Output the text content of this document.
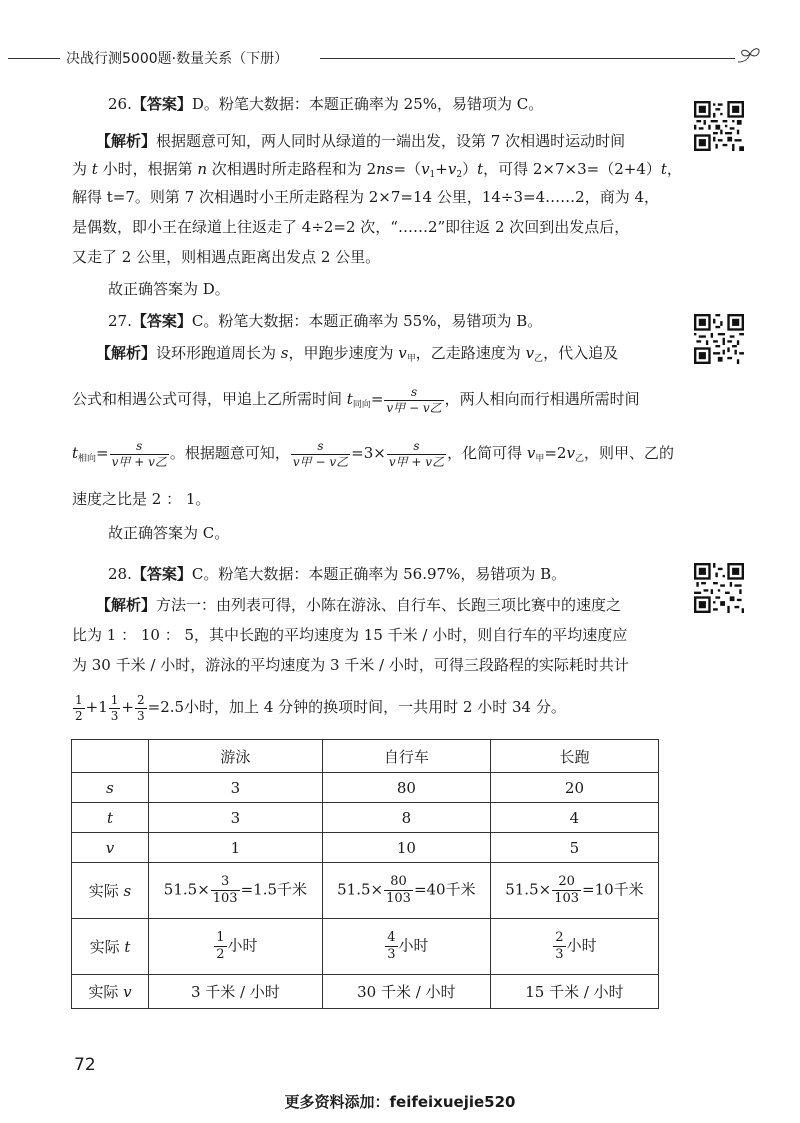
决战行测5000题·数量关系（下册）
26.【答案】D。粉笔大数据：本题正确率为 25%，易错项为 C。
【解析】根据题意可知，两人同时从绿道的一端出发，设第 7 次相遇时运动时间
为 t 小时，根据第 n 次相遇时所走路程和为 $2ns=(v_1+v_2)t$，可得 2×7×3=（2+4）t，
解得 t=7。则第 7 次相遇时小王所走路程为 2×7=14 公里，14÷3=4……2，商为 4，
是偶数，即小王在绿道上往返走了 4÷2=2 次，“……2”即往返 2 次回到出发点后，
又走了 2 公里，则相遇点距离出发点 2 公里。
故正确答案为 D。
27.【答案】C。粉笔大数据：本题正确率为 55%，易错项为 B。
【解析】设环形跑道周长为 s，甲跑步速度为 $v_甲$，乙走路速度为 $v_乙$，代入追及
公式和相遇公式可得，甲追上乙所需时间 $t_{同向}= \frac{s}{\text{v甲 − v乙}}$ ，两人相向而行相遇所需时间
$t_{相向}= \frac{s}{\text{v甲 + v乙}}$ 。根据题意可知， $\frac{s}{\text{v甲 − v乙}} =3\times \frac{s}{\text{v甲 + v乙}}$ ，化简可得 $v_甲=2v_乙$，则甲、乙的
速度之比是 2 ： 1。
故正确答案为 C。
28.【答案】C。粉笔大数据：本题正确率为 56.97%，易错项为 B。
【解析】方法一：由列表可得，小陈在游泳、自行车、长跑三项比赛中的速度之
比为 1 ： 10 ： 5，其中长跑的平均速度为 15 千米 / 小时，则自行车的平均速度应
为 30 千米 / 小时，游泳的平均速度为 3 千米 / 小时，可得三段路程的实际耗时共计
$\frac{1}{2} +1 \frac{1}{3} + \frac{2}{3} =2.5$小时，加上 4 分钟的换项时间，一共用时 2 小时 34 分。
	游泳	自行车	长跑
s	3	80	20
t	3	8	4
v	1	10	5
实际 s	$51.5\times \frac{3}{103} =1.5$千米	$51.5\times \frac{80}{103} =40$千米	$51.5\times \frac{20}{103} =10$千米
实际 t	$\frac{1}{2}$ 小时	$\frac{4}{3}$ 小时	$\frac{2}{3}$ 小时
实际 v	3 千米 / 小时	30 千米 / 小时	15 千米 / 小时
72
更多资料添加：feifeixuejie520
